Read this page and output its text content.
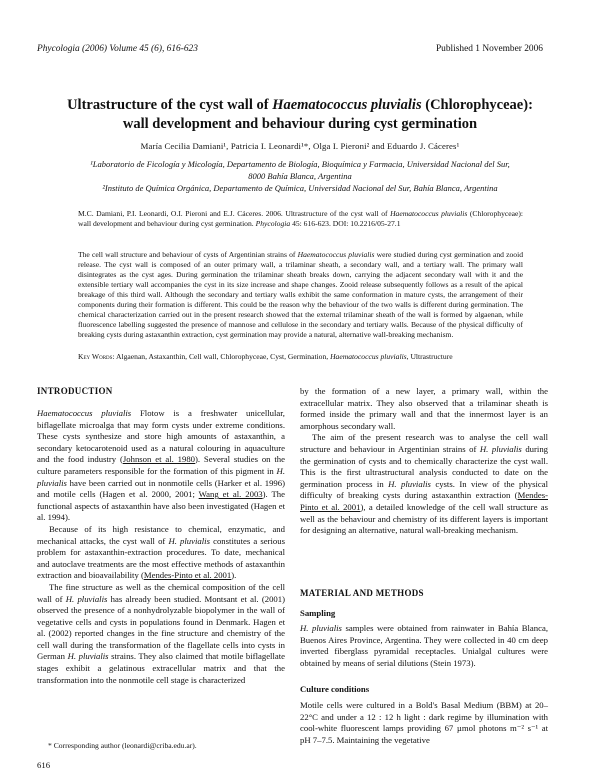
Phycologia (2006) Volume 45 (6), 616-623	Published 1 November 2006
Ultrastructure of the cyst wall of Haematococcus pluvialis (Chlorophyceae):
wall development and behaviour during cyst germination
María Cecilia Damiani¹, Patricia I. Leonardi¹*, Olga I. Pieroni² and Eduardo J. Cáceres¹
¹Laboratorio de Ficología y Micología, Departamento de Biología, Bioquímica y Farmacia, Universidad Nacional del Sur,
8000 Bahía Blanca, Argentina
²Instituto de Química Orgánica, Departamento de Química, Universidad Nacional del Sur, Bahía Blanca, Argentina
M.C. Damiani, P.I. Leonardi, O.I. Pieroni and E.J. Cáceres. 2006. Ultrastructure of the cyst wall of Haematococcus pluvialis (Chlorophyceae): wall development and behaviour during cyst germination. Phycologia 45: 616-623. DOI: 10.2216/05-27.1
The cell wall structure and behaviour of cysts of Argentinian strains of Haematococcus pluvialis were studied during cyst germination and zooid release. The cyst wall is composed of an outer primary wall, a trilaminar sheath, a secondary wall, and a tertiary wall. The primary wall disintegrates as the cyst ages. During germination the trilaminar sheath breaks down, carrying the adjacent secondary wall with it and the extensible tertiary wall accompanies the cyst in its size increase and shape changes. Zooid release subsequently follows as a result of the apical breakage of this third wall. Although the secondary and tertiary walls exhibit the same conformation in mature cysts, the arrangement of their components during their formation is different. This could be the reason why the behaviour of the two walls is different during germination. The chemical characterization carried out in the present research showed that the external trilaminar sheath of the wall is formed by algaenan, while fluorescence labelling suggested the presence of mannose and cellulose in the secondary and tertiary walls. Because of the physical difficulty of breaking cysts during astaxanthin extraction, cyst germination may provide a natural, alternative wall-breaking mechanism.
Key Words: Algaenan, Astaxanthin, Cell wall, Chlorophyceae, Cyst, Germination, Haematococcus pluvialis, Ultrastructure
INTRODUCTION

Haematococcus pluvialis Flotow is a freshwater unicellular, biflagellate microalga that may form cysts under extreme conditions. These cysts synthesize and store high amounts of astaxanthin, a secondary ketocarotenoid used as a natural colouring in aquaculture and the food industry (Johnson et al. 1980). Several studies on the culture parameters responsible for the formation of this pigment in H. pluvialis have been carried out in nonmotile cells (Harker et al. 1996) and motile cells (Hagen et al. 2000, 2001; Wang et al. 2003). The functional aspects of astaxanthin have also been investigated (Hagen et al. 1994).

Because of its high resistance to chemical, enzymatic, and mechanical attacks, the cyst wall of H. pluvialis constitutes a serious problem for astaxanthin-extraction procedures. To date, mechanical and autoclave treatments are the most effective methods of astaxanthin extraction and bioavailability (Mendes-Pinto et al. 2001).

The fine structure as well as the chemical composition of the cell wall of H. pluvialis has already been studied. Montsant et al. (2001) observed the presence of a nonhydrolyzable biopolymer in the wall of vegetative cells and cysts in populations found in Denmark. Hagen et al. (2002) reported changes in the fine structure and chemistry of the cell wall during the transformation of the flagellate cells into cysts in German H. pluvialis strains. They also claimed that motile biflagellate stages exhibit a gelatinous extracellular matrix and that the transformation into the nonmotile cell stage is characterized

by the formation of a new layer, a primary wall, within the extracellular matrix. They also observed that a trilaminar sheath is formed inside the primary wall and that the innermost layer is an amorphous secondary wall.

The aim of the present research was to analyse the cell wall structure and behaviour in Argentinian strains of H. pluvialis during the germination of cysts and to chemically characterize the cyst wall. This is the first ultrastructural analysis conducted to date on the germination process in H. pluvialis cysts. In view of the physical difficulty of breaking cysts during astaxanthin extraction (Mendes-Pinto et al. 2001), a detailed knowledge of the cell wall structure as well as the behaviour and chemistry of its different layers is important for designing an alternative, natural wall-breaking mechanism.

MATERIAL AND METHODS
Sampling

H. pluvialis samples were obtained from rainwater in Bahía Blanca, Buenos Aires Province, Argentina. They were collected in 40 cm deep inverted fiberglass pyramidal receptacles. Unialgal cultures were obtained by means of serial dilutions (Stein 1973).

Culture conditions

Motile cells were cultured in a Bold's Basal Medium (BBM) at 20–22°C and under a 12 : 12 h light : dark regime by illumination with cool-white fluorescent lamps providing 67 µmol photons m⁻² s⁻¹ at pH 7–7.5. Maintaining the vegetative

* Corresponding author (leonardi@criba.edu.ar).
616
